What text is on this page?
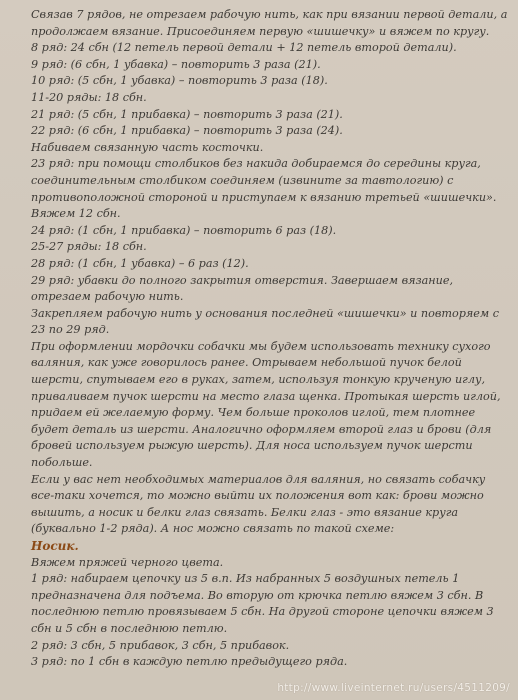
Связав 7 рядов, не отрезаем рабочую нить, как при вязании первой детали, а
продолжаем вязание. Присоединяем первую «шишечку» и вяжем по кругу.
8 ряд: 24 сбн (12 петель первой детали + 12 петель второй детали).
9 ряд: (6 сбн, 1 убавка) – повторить 3 раза (21).
10 ряд: (5 сбн, 1 убавка) – повторить 3 раза (18).
11-20 ряды: 18 сбн.
21 ряд: (5 сбн, 1 прибавка) – повторить 3 раза (21).
22 ряд: (6 сбн, 1 прибавка) – повторить 3 раза (24).
Набиваем связанную часть косточки.
23 ряд: при помощи столбиков без накида добираемся до середины круга,
соединительным столбиком соединяем (извините за тавтологию) с
противоположной стороной и приступаем к вязанию третьей «шишечки».
Вяжем 12 сбн.
24 ряд: (1 сбн, 1 прибавка) – повторить 6 раз (18).
25-27 ряды: 18 сбн.
28 ряд: (1 сбн, 1 убавка) – 6 раз (12).
29 ряд: убавки до полного закрытия отверстия. Завершаем вязание,
отрезаем рабочую нить.
Закрепляем рабочую нить у основания последней «шишечки» и повторяем с
23 по 29 ряд.
При оформлении мордочки собачки мы будем использовать технику сухого
валяния, как уже говорилось ранее. Отрываем небольшой пучок белой
шерсти, спутываем его в руках, затем, используя тонкую крученую иглу,
приваливаем пучок шерсти на место глаза щенка. Протыкая шерсть иглой,
придаем ей желаемую форму. Чем больше проколов иглой, тем плотнее
будет деталь из шерсти. Аналогично оформляем второй глаз и брови (для
бровей используем рыжую шерсть). Для носа используем пучок шерсти
побольше.
Если у вас нет необходимых материалов для валяния, но связать собачку
все-таки хочется, то можно выйти их положения вот как: брови можно
вышить, а носик и белки глаз связать. Белки глаз - это вязание круга
(буквально 1-2 ряда). А нос можно связать по такой схеме:
Носик.
Вяжем пряжей черного цвета.
1 ряд: набираем цепочку из 5 в.п. Из набранных 5 воздушных петель 1
предназначена для подъема. Во вторую от крючка петлю вяжем 3 сбн. В
последнюю петлю провязываем 5 сбн. На другой стороне цепочки вяжем 3
сбн и 5 сбн в последнюю петлю.
2 ряд: 3 сбн, 5 прибавок, 3 сбн, 5 прибавок.
3 ряд: по 1 сбн в каждую петлю предыдущего ряда.
http://www.liveinternet.ru/users/4511209/
